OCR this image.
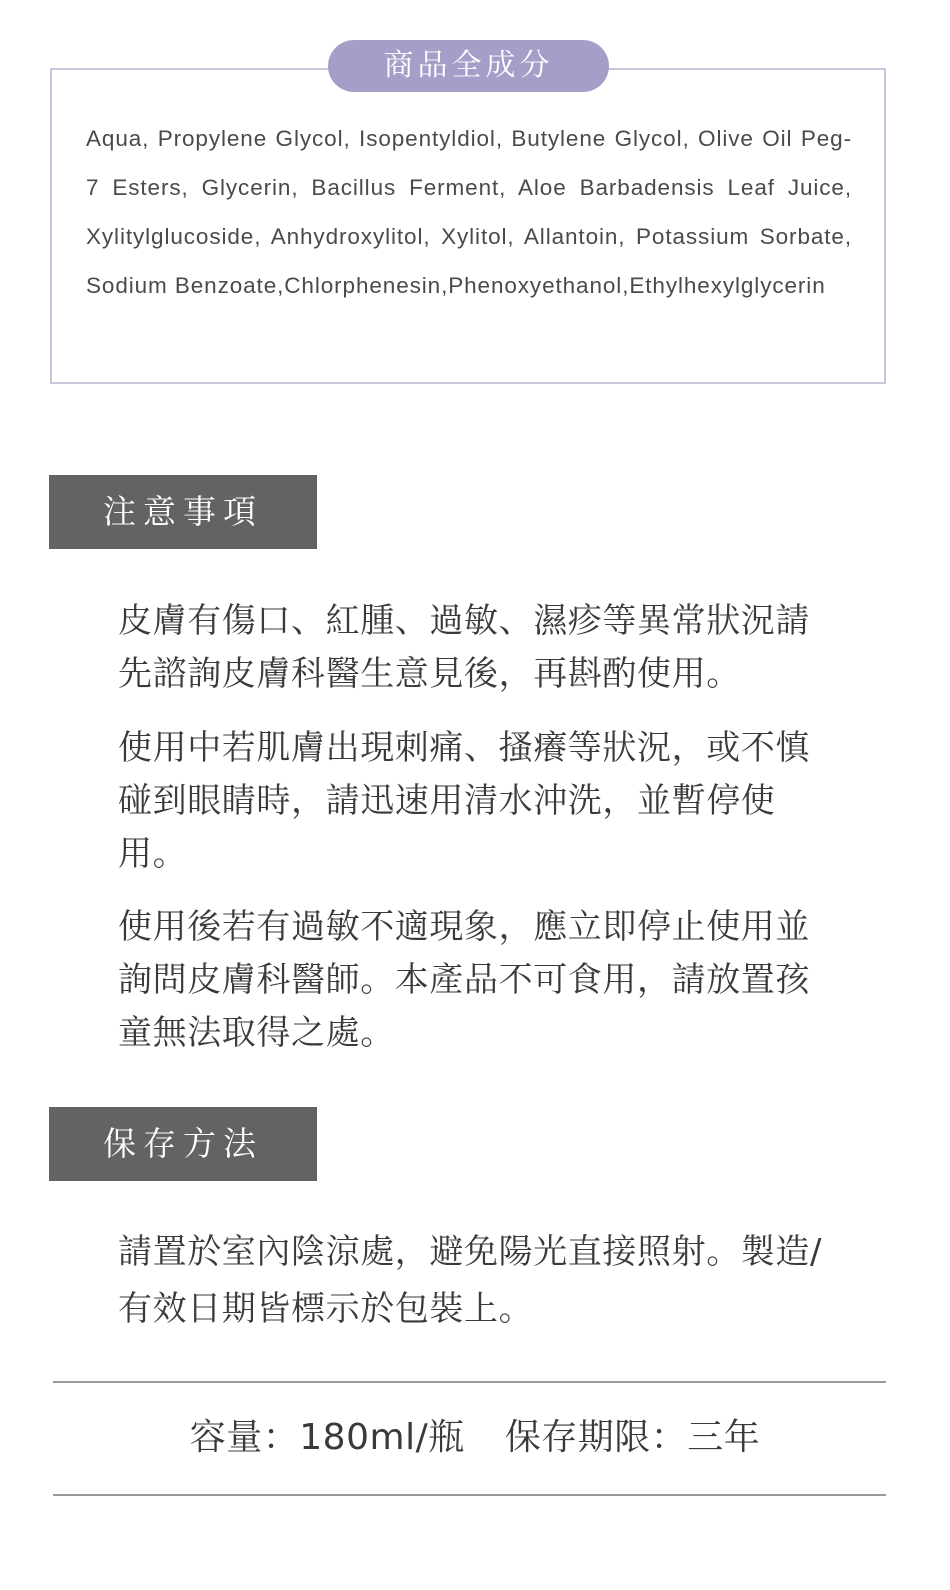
商品全成分

Aqua, Propylene Glycol, Isopentyldiol, Butylene Glycol, Olive Oil Peg-7 Esters, Glycerin, Bacillus Ferment, Aloe Barbadensis Leaf Juice, Xylitylglucoside, Anhydroxylitol, Xylitol, Allantoin, Potassium Sorbate, Sodium Benzoate,Chlorphenesin,Phenoxyethanol,Ethylhexylglycerin

注意事項

皮膚有傷口、紅腫、過敏、濕疹等異常狀況請先諮詢皮膚科醫生意見後，再斟酌使用。

使用中若肌膚出現刺痛、搔癢等狀況，或不慎碰到眼睛時，請迅速用清水沖洗，並暫停使用。

使用後若有過敏不適現象，應立即停止使用並詢問皮膚科醫師。本產品不可食用，請放置孩童無法取得之處。

保存方法

請置於室內陰涼處，避免陽光直接照射。製造/有效日期皆標示於包裝上。

容量：180ml/瓶 保存期限：三年
